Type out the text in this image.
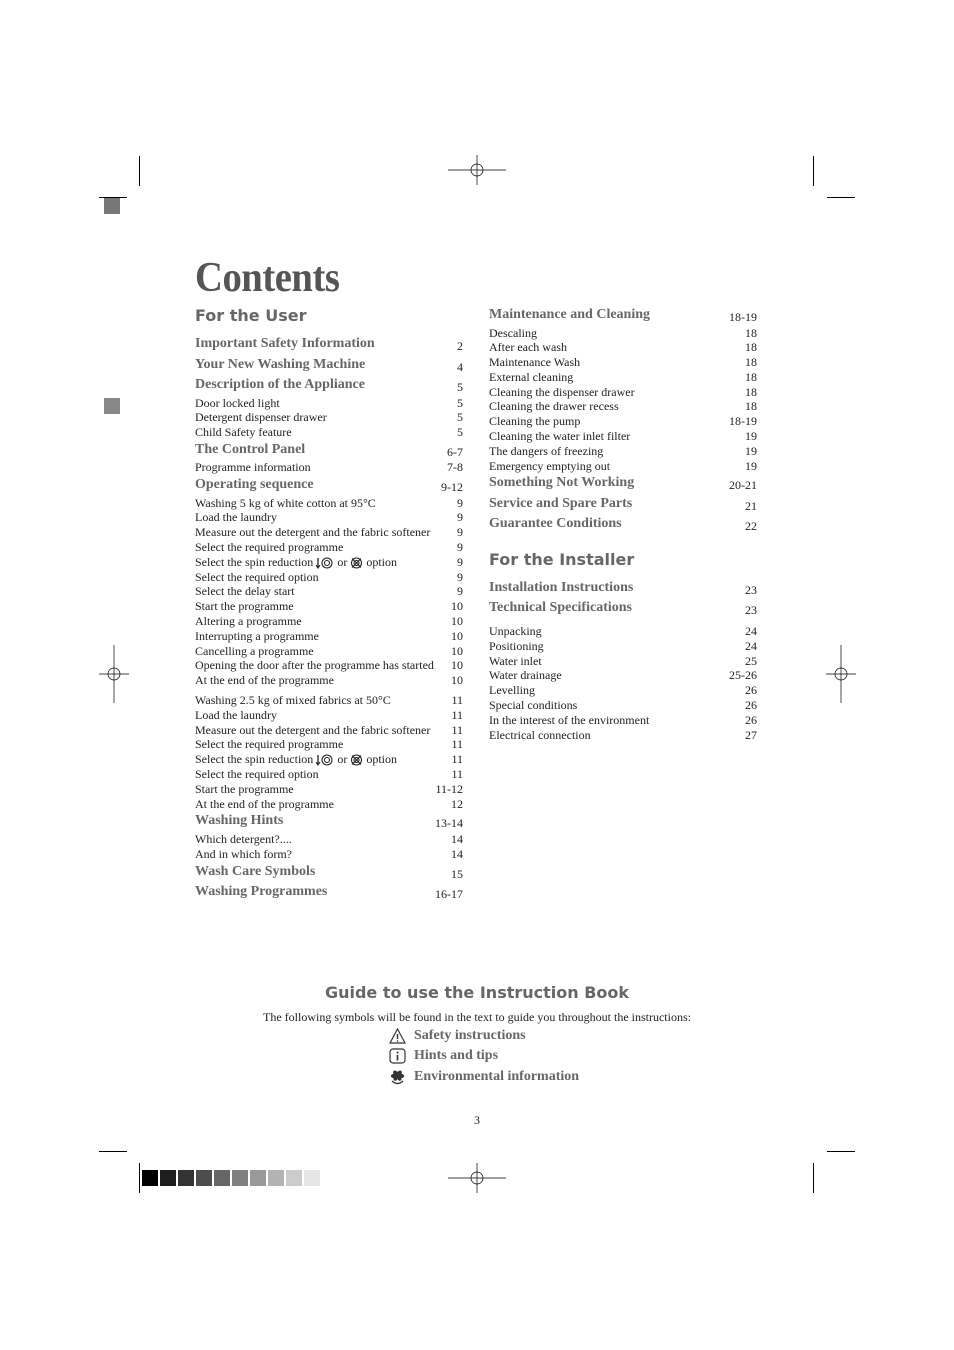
Contents
For the User
Important Safety Information	2
Your New Washing Machine	4
Description of the Appliance	5
Door locked light	5
Detergent dispenser drawer	5
Child Safety feature	5
The Control Panel	6-7
Programme information	7-8
Operating sequence	9-12
Washing 5 kg of white cotton at 95°C	9
Load the laundry	9
Measure out the detergent and the fabric softener 9
Select the required programme	9
Select the spin reduction or option	9
Select the required option	9
Select the delay start	9
Start the programme	10
Altering a programme	10
Interrupting a programme	10
Cancelling a programme	10
Opening the door after the programme has started 10
At the end of the programme	10
Washing 2.5 kg of mixed fabrics at 50°C	11
Load the laundry	11
Measure out the detergent and the fabric softener 11
Select the required programme	11
Select the spin reduction or option	11
Select the required option	11
Start the programme	11-12
At the end of the programme	12
Washing Hints	13-14
Which detergent?....	14
And in which form?	14
Wash Care Symbols	15
Washing Programmes	16-17
Maintenance and Cleaning	18-19
Descaling	18
After each wash	18
Maintenance Wash	18
External cleaning	18
Cleaning the dispenser drawer	18
Cleaning the drawer recess	18
Cleaning the pump	18-19
Cleaning the water inlet filter	19
The dangers of freezing	19
Emergency emptying out	19
Something Not Working	20-21
Service and Spare Parts	21
Guarantee Conditions	22
For the Installer
Installation Instructions	23
Technical Specifications	23
Unpacking	24
Positioning	24
Water inlet	25
Water drainage	25-26
Levelling	26
Special conditions	26
In the interest of the environment	26
Electrical connection	27
Guide to use the Instruction Book
The following symbols will be found in the text to guide you throughout the instructions:
Safety instructions
Hints and tips
Environmental information
3
